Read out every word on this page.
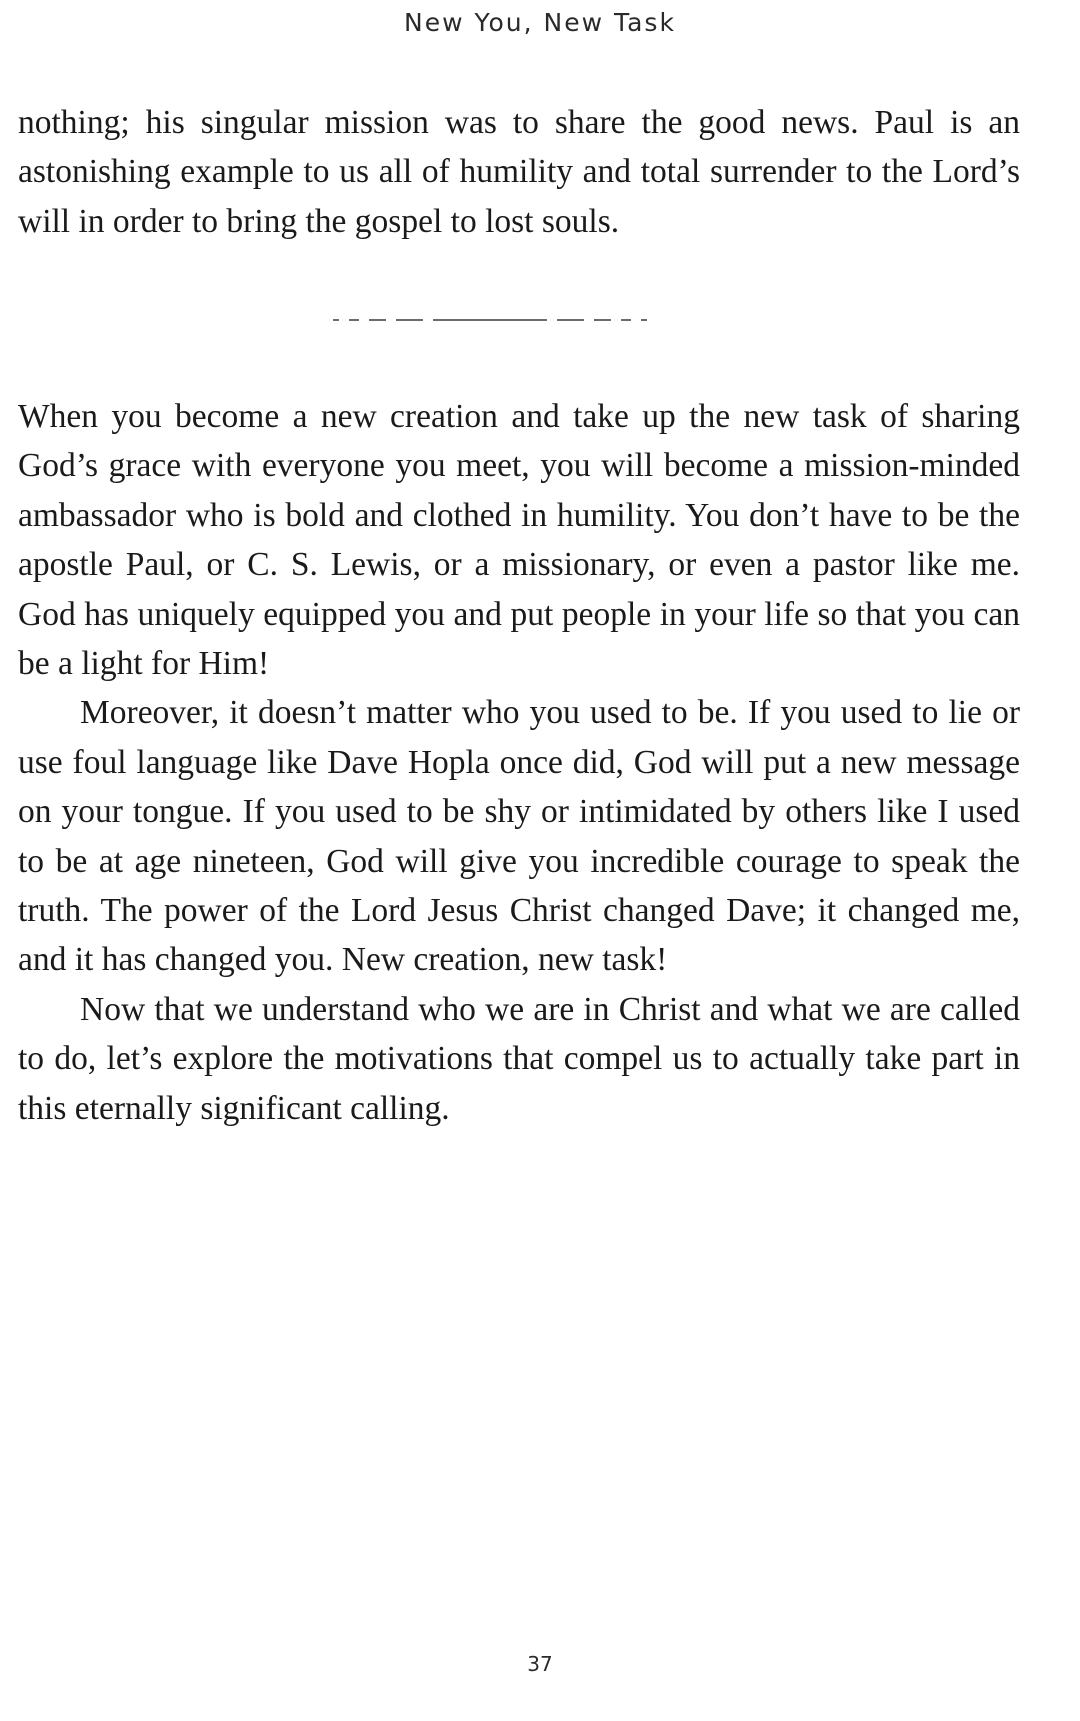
New You, New Task

nothing; his singular mission was to share the good news. Paul is an astonishing example to us all of humility and total surrender to the Lord’s will in order to bring the gospel to lost souls.

When you become a new creation and take up the new task of sharing God’s grace with everyone you meet, you will become a mission-minded ambassador who is bold and clothed in humility. You don’t have to be the apostle Paul, or C. S. Lewis, or a missionary, or even a pastor like me. God has uniquely equipped you and put people in your life so that you can be a light for Him!

Moreover, it doesn’t matter who you used to be. If you used to lie or use foul language like Dave Hopla once did, God will put a new message on your tongue. If you used to be shy or intimidated by others like I used to be at age nineteen, God will give you incredible courage to speak the truth. The power of the Lord Jesus Christ changed Dave; it changed me, and it has changed you. New creation, new task!

Now that we understand who we are in Christ and what we are called to do, let’s explore the motivations that compel us to actually take part in this eternally significant calling.

37
